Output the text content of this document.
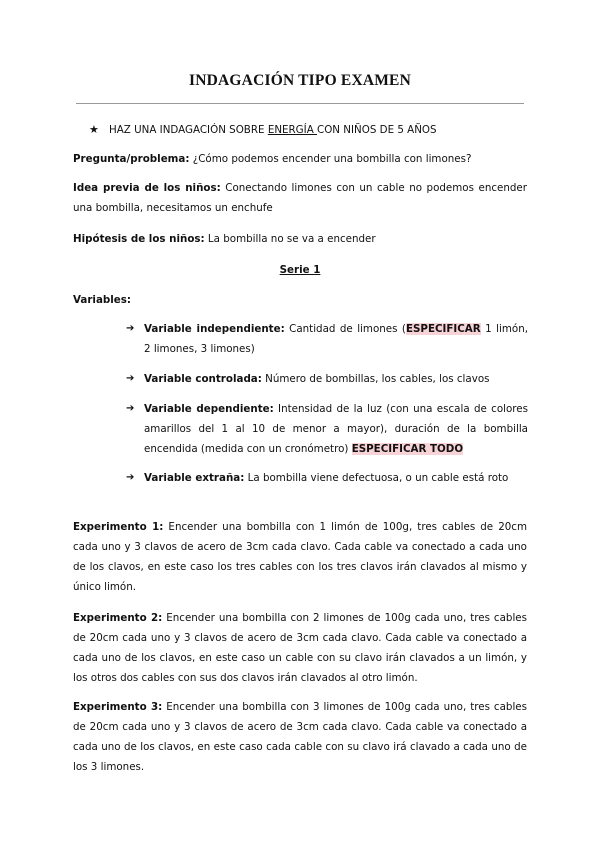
INDAGACIÓN TIPO EXAMEN
★ HAZ UNA INDAGACIÓN SOBRE ENERGÍA CON NIÑOS DE 5 AÑOS
Pregunta/problema: ¿Cómo podemos encender una bombilla con limones?
Idea previa de los niños: Conectando limones con un cable no podemos encender una bombilla, necesitamos un enchufe
Hipótesis de los niños: La bombilla no se va a encender
Serie 1
Variables:
➔ Variable independiente: Cantidad de limones (ESPECIFICAR 1 limón, 2 limones, 3 limones)
➔ Variable controlada: Número de bombillas, los cables, los clavos
➔ Variable dependiente: Intensidad de la luz (con una escala de colores amarillos del 1 al 10 de menor a mayor), duración de la bombilla encendida (medida con un cronómetro) ESPECIFICAR TODO
➔ Variable extraña: La bombilla viene defectuosa, o un cable está roto
Experimento 1: Encender una bombilla con 1 limón de 100g, tres cables de 20cm cada uno y 3 clavos de acero de 3cm cada clavo. Cada cable va conectado a cada uno de los clavos, en este caso los tres cables con los tres clavos irán clavados al mismo y único limón.
Experimento 2: Encender una bombilla con 2 limones de 100g cada uno, tres cables de 20cm cada uno y 3 clavos de acero de 3cm cada clavo. Cada cable va conectado a cada uno de los clavos, en este caso un cable con su clavo irán clavados a un limón, y los otros dos cables con sus dos clavos irán clavados al otro limón.
Experimento 3: Encender una bombilla con 3 limones de 100g cada uno, tres cables de 20cm cada uno y 3 clavos de acero de 3cm cada clavo. Cada cable va conectado a cada uno de los clavos, en este caso cada cable con su clavo irá clavado a cada uno de los 3 limones.
